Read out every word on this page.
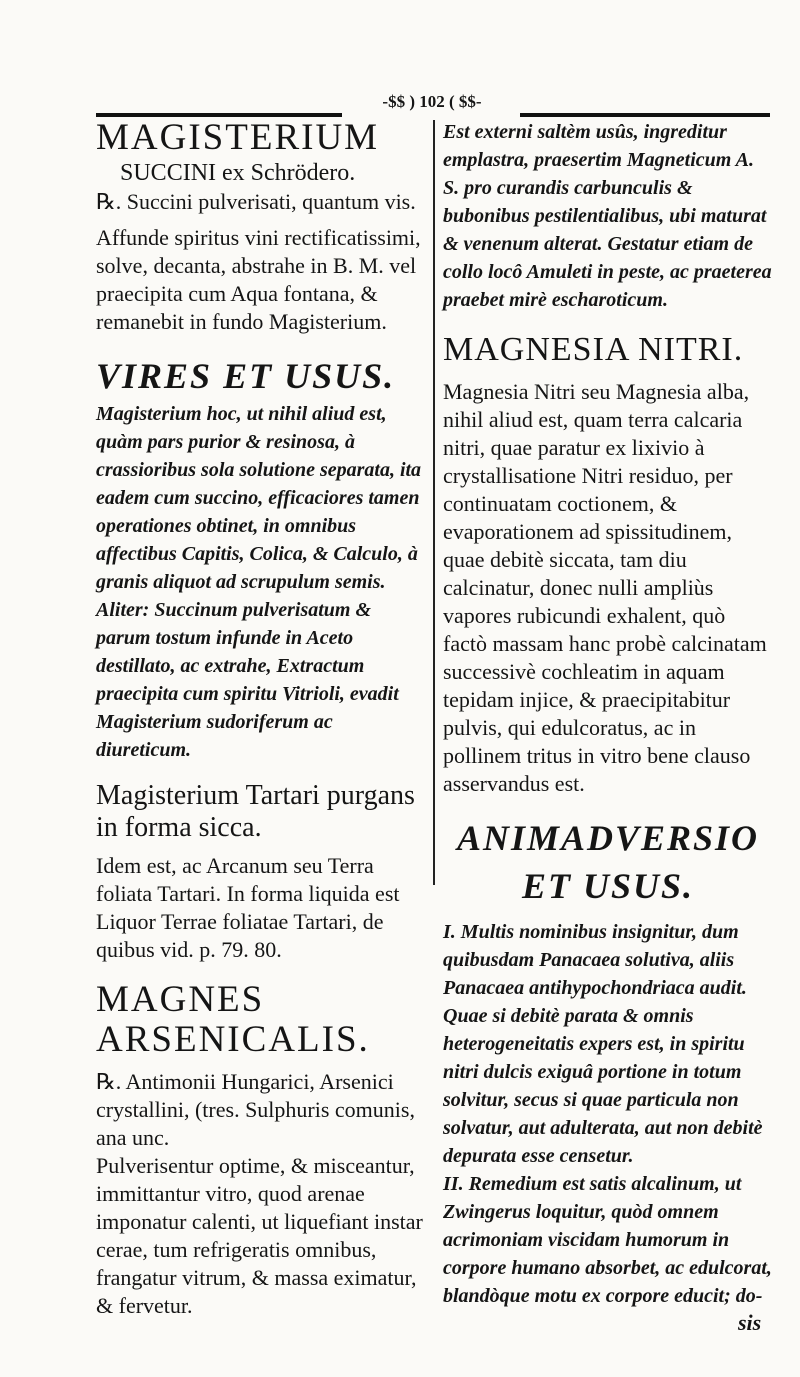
-$$ ) 102 ( $$-

MAGISTERIUM

SUCCINI ex Schrödero.

℞. Succini pulverisati, quantum vis.

Affunde spiritus vini rectificatissimi, solve, decanta, abstrahe in B. M. vel praecipita cum Aqua fontana, & remanebit in fundo Magisterium.

VIRES ET USUS.

Magisterium hoc, ut nihil aliud est, quàm pars purior & resinosa, à crassioribus sola solutione separata, ita eadem cum succino, efficaciores tamen operationes obtinet, in omnibus affectibus Capitis, Colica, & Calculo, à granis aliquot ad scrupulum semis.

Aliter: Succinum pulverisatum & parum tostum infunde in Aceto destillato, ac extrahe, Extractum praecipita cum spiritu Vitrioli, evadit Magisterium sudoriferum ac diureticum.

Magisterium Tartari purgans in forma sicca.

Idem est, ac Arcanum seu Terra foliata Tartari. In forma liquida est Liquor Terrae foliatae Tartari, de quibus vid. p. 79. 80.

MAGNES ARSENICALIS.

℞. Antimonii Hungarici, Arsenici crystallini, (tres. Sulphuris comunis, ana unc.

Pulverisentur optime, & misceantur, immittantur vitro, quod arenae imponatur calenti, ut liquefiant instar cerae, tum refrigeratis omnibus, frangatur vitrum, & massa eximatur, & fervetur.

Est externi saltèm usûs, ingreditur emplastra, praesertim Magneticum A. S. pro curandis carbunculis & bubonibus pestilentialibus, ubi maturat & venenum alterat. Gestatur etiam de collo locô Amuleti in peste, ac praeterea praebet mirè escharoticum.

MAGNESIA NITRI.

Magnesia Nitri seu Magnesia alba, nihil aliud est, quam terra calcaria nitri, quae paratur ex lixivio à crystallisatione Nitri residuo, per continuatam coctionem, & evaporationem ad spissitudinem, quae debitè siccata, tam diu calcinatur, donec nulli ampliùs vapores rubicundi exhalent, quò factò massam hanc probè calcinatam successivè cochleatim in aquam tepidam injice, & praecipitabitur pulvis, qui edulcoratus, ac in pollinem tritus in vitro bene clauso asservandus est.

ANIMADVERSIO ET USUS.

I. Multis nominibus insignitur, dum quibusdam Panacaea solutiva, aliis Panacaea antihypochondriaca audit. Quae si debitè parata & omnis heterogeneitatis expers est, in spiritu nitri dulcis exiguâ portione in totum solvitur, secus si quae particula non solvatur, aut adulterata, aut non debitè depurata esse censetur.

II. Remedium est satis alcalinum, ut Zwingerus loquitur, quòd omnem acrimoniam viscidam humorum in corpore humano absorbet, ac edulcorat, blandòque motu ex corpore educit; do-

sis
